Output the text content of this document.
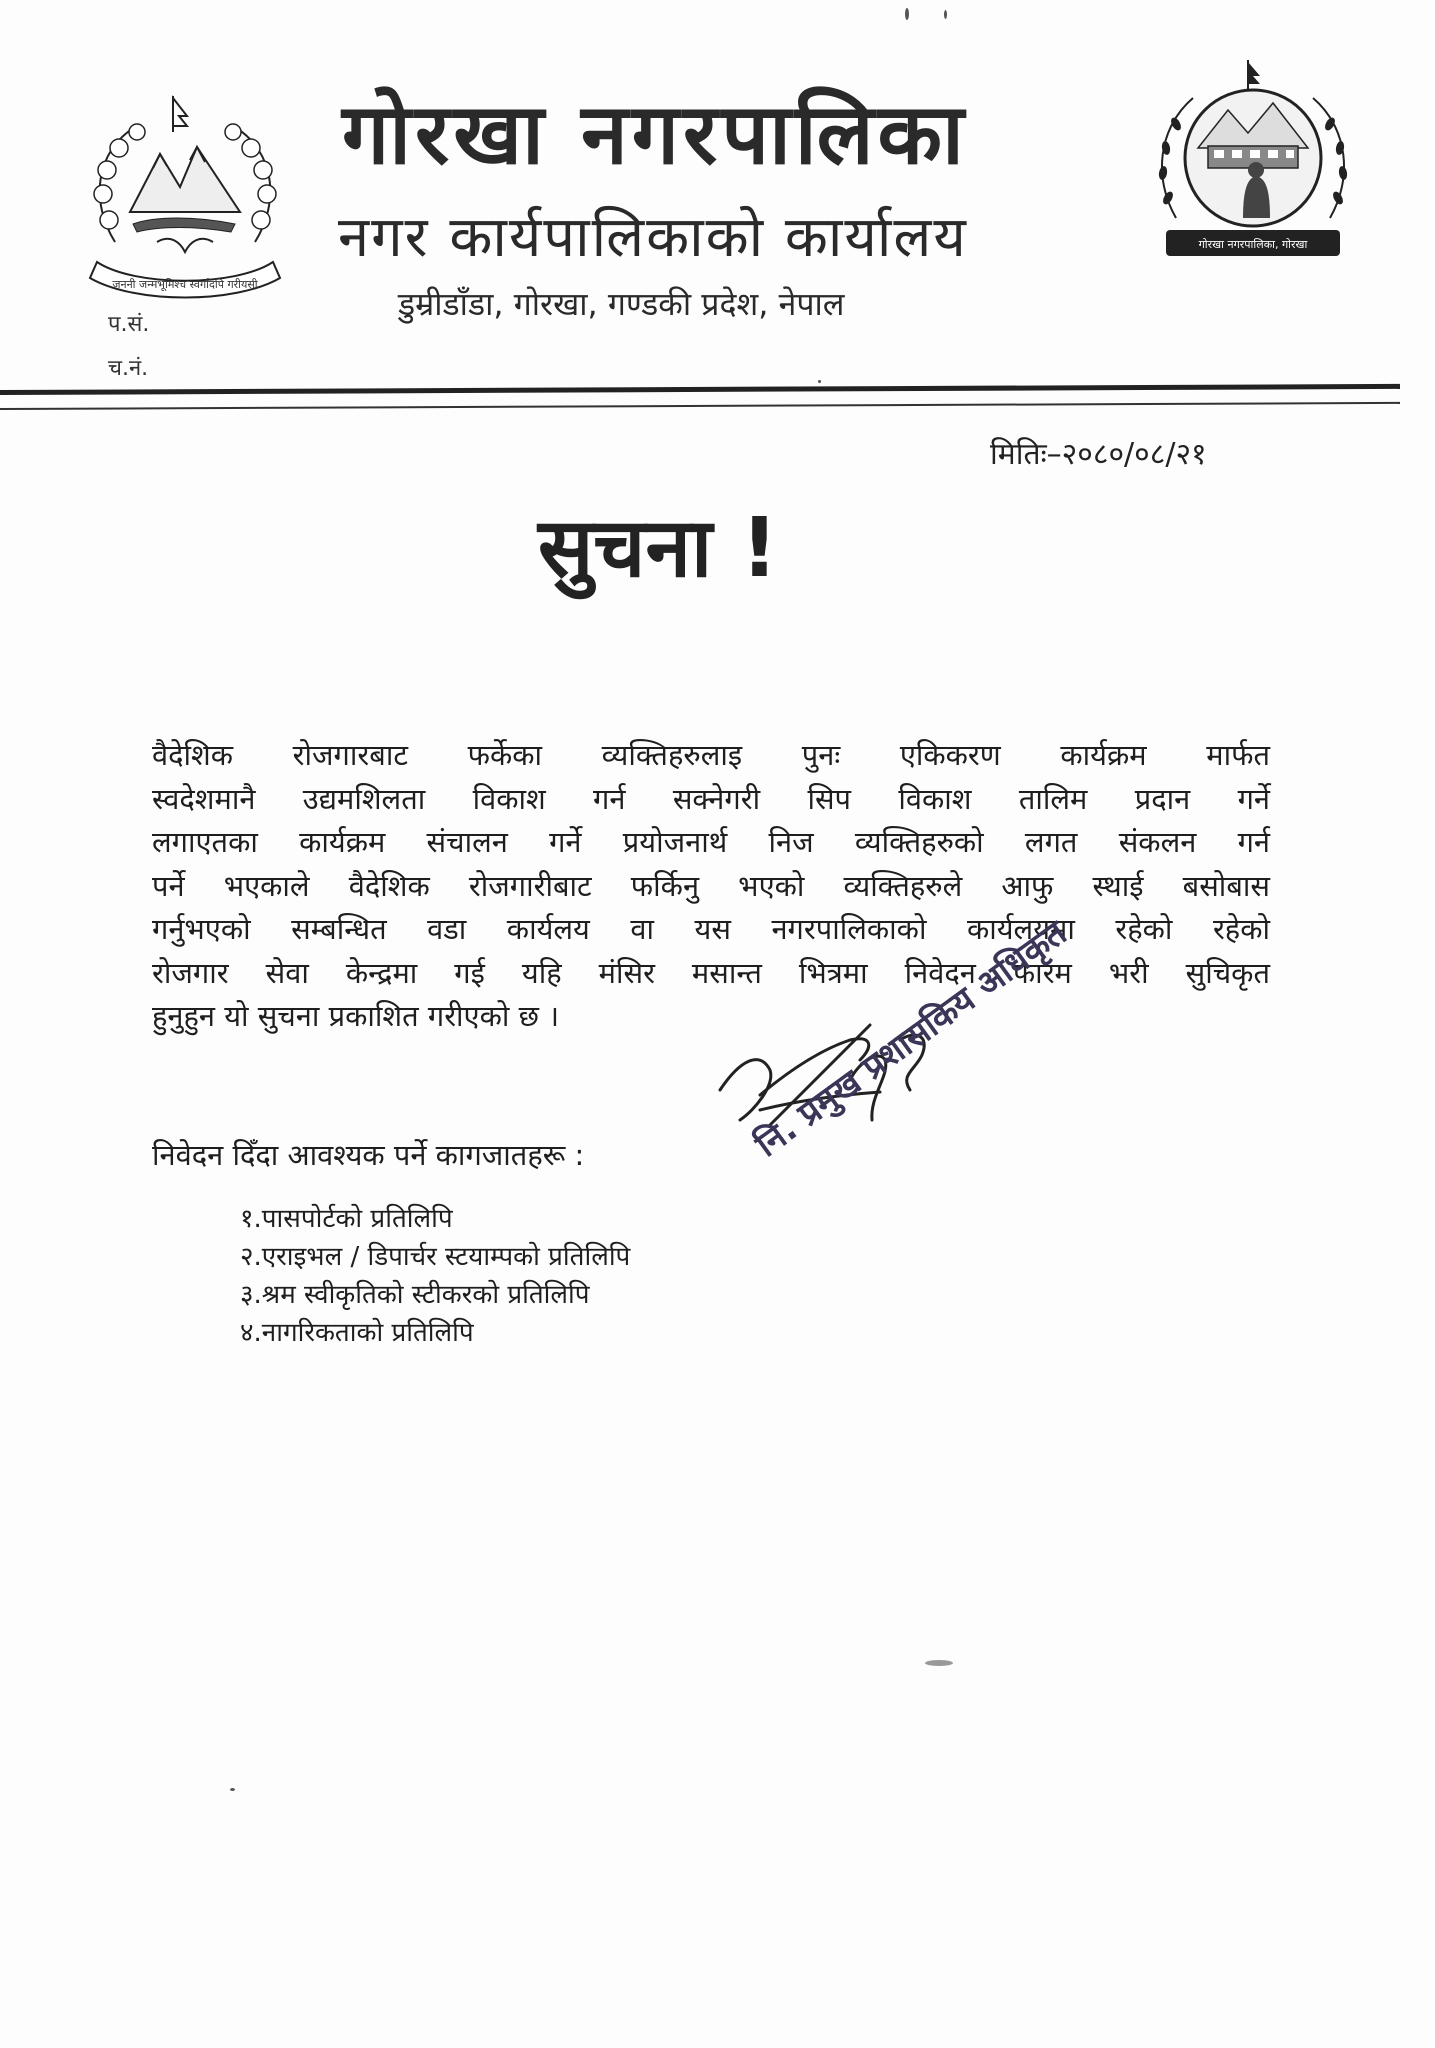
जननी जन्मभूमिश्च स्वर्गादपि गरीयसी
गोरखा नगरपालिका
नगर कार्यपालिकाको कार्यालय
डुम्रीडाँडा, गोरखा, गण्डकी प्रदेश, नेपाल
प.सं.
च.नं.
गोरखा नगरपालिका, गोरखा
मितिः–२०८०/०८/२१
सुचना !
वैदेशिक रोजगारबाट फर्केका व्यक्तिहरुलाइ पुनः एकिकरण कार्यक्रम मार्फत
स्वदेशमानै उद्यमशिलता विकाश गर्न सक्नेगरी सिप विकाश तालिम प्रदान गर्ने
लगाएतका कार्यक्रम संचालन गर्ने प्रयोजनार्थ निज व्यक्तिहरुको लगत संकलन गर्न
पर्ने भएकाले वैदेशिक रोजगारीबाट फर्किनु भएको व्यक्तिहरुले आफु स्थाई बसोबास
गर्नुभएको सम्बन्धित वडा कार्यलय वा यस नगरपालिकाको कार्यलयमा रहेको रहेको
रोजगार सेवा केन्द्रमा गई यहि मंसिर मसान्त भित्रमा निवेदन फारम भरी सुचिकृत
हुनुहुन यो सुचना प्रकाशित गरीएको छ ।
निवेदन दिँदा आवश्यक पर्ने कागजातहरू :
१.पासपोर्टको प्रतिलिपि
२.एराइभल / डिपार्चर स्टयाम्पको प्रतिलिपि
३.श्रम स्वीकृतिको स्टीकरको प्रतिलिपि
४.नागरिकताको प्रतिलिपि
नि. प्रमुख प्रशासकिय अधिकृत
